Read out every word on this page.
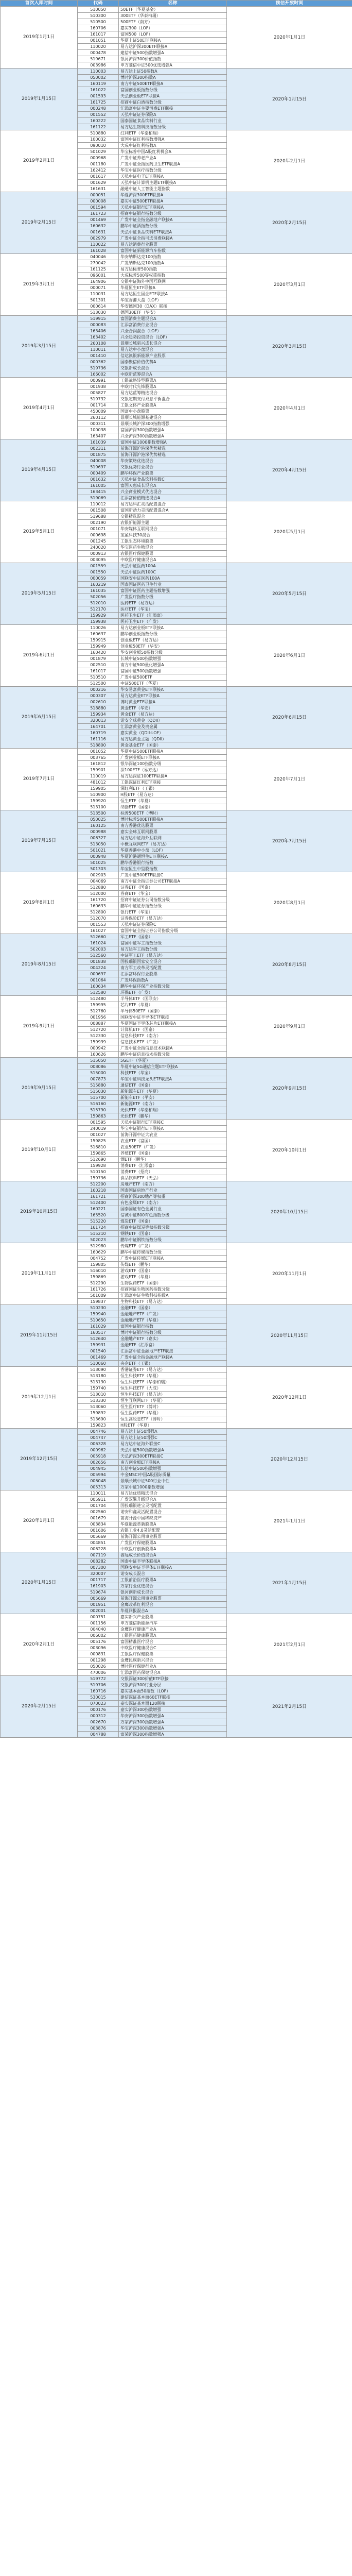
首次入库时间	代码	名称	预估开放时间
2019年1月1日	510050	50ETF（华夏基金）	2020年1月1日
	510300	300ETF（华泰柏瑞）	
	510500	500ETF（南方）	
	160706	嘉实300（LOF）	
	161017	富国500（LOF）	
	001051	华夏上证50ETF联接A	
	110020	易方达沪深300ETF联接A	
	000478	建信中证500指数增强A	
	519671	银河沪深300价值指数	
	003986	申万菱信中证500优选增强A	
2019年1月15日	110003	易方达上证50指数A	2020年1月15日
	050002	博时沪深300指数A	
	160119	南方中证500ETF联接A	
	161022	富国创业板指数分级	
	001593	天弘创业板ETF联接A	
	161725	招商中证白酒指数分级	
	000248	汇添富中证主要消费ETF联接	
	001552	天弘中证证券保险A	
	160222	国泰国证食品饮料行业	
	161122	易方达生物科技指数分级	
2019年2月1日	510880	红利ETF（华泰柏瑞）	2020年2月1日
	100032	富国中证红利指数增强A	
	090010	大成中证红利指数A	
	501029	华宝标普中国A股红利机会A	
	000968	广发中证养老产业A	
	001180	广发中证全指医药卫生ETF联接A	
	162412	华宝中证医疗指数分级	
	001617	天弘中证电子ETF联接A	
	001629	天弘中证计算机主题ETF联接A	
	161631	融通中证人工智能主题指数	
2019年2月15日	000051	华夏沪深300ETF联接A	2020年2月15日
	000008	嘉实中证500ETF联接A	
	001594	天弘中证银行ETF联接A	
	161723	招商中证银行指数分级	
	001469	广发中证全指金融地产联接A	
	160632	鹏华中证酒指数分级	
	001631	天弘中证食品饮料ETF联接A	
	002979	广发中证全指可选消费联接A	
	110022	易方达消费行业股票	
	161028	富国中证新能源汽车指数	
2019年3月1日	040046	华安纳斯达克100指数	2020年3月1日
	270042	广发纳斯达克100指数A	
	161125	易方达标普500指数	
	096001	大成标普500等权重指数	
	164906	交银中证海外中国互联网	
	000071	华夏恒生ETF联接A	
	110031	易方达恒生国企ETF联接A	
	501301	华宝香港大盘（LOF）	
	000614	华安德国30（DAX）联接	
	513030	德国30ETF（华安）	
2019年3月15日	519915	富国消费主题混合A	2020年3月15日
	000083	汇添富消费行业混合	
	163406	兴全合润混合（LOF）	
	163402	兴全趋势投资混合（LOF）	
	260108	景顺长城新兴成长混合	
	110011	易方达中小盘混合	
	001410	信达澳银新能源产业股票	
	000362	国泰聚信价值优势A	
	519736	交银新成长混合	
	166002	中欧新蓝筹混合A	
2019年4月1日	000991	工银战略转型股票A	2020年4月1日
	001938	中欧时代先锋股票A	
	005827	易方达蓝筹精选混合	
	519732	交银定期支付双息平衡混合	
	001714	工银文体产业股票A	
	450009	国富中小盘股票	
	260112	景顺长城能源基建混合	
	000311	景顺长城沪深300指数增强	
	100038	富国沪深300指数增强A	
	163407	兴全沪深300指数增强A	
2019年4月15日	161039	富国中证1000指数增强A	2020年4月15日
	002311	前海开源沪港深优势精选	
	001875	前海开源沪港深优势精选	
	040008	华安策略优选混合	
	519697	交银优势行业混合	
	000409	鹏华环保产业股票	
	001632	天弘中证食品饮料指数C	
	161005	富国天惠成长混合A	
	163415	兴全商业模式优选混合	
	519069	汇添富价值精选混合A	
2019年5月1日	110012	易方达科汇灵活配置混合	2020年5月1日
	001508	富国新动力灵活配置混合A	
	519688	交银精选混合	
	002190	农银新能源主题	
	001071	华安媒体互联网混合	
	000698	宝盈科技30混合	
	001245	工银生态环境股票	
	240020	华宝医药生物混合	
	000913	农银医疗保健股票	
	003095	中欧医疗健康混合A	
2019年5月15日	001559	天弘中证医药100A	2020年5月15日
	001550	天弘中证医药100C	
	000059	国联安中证医药100A	
	160219	国泰国证医药卫生行业	
	161035	富国中证医药主题指数增强	
	502056	广发医疗指数分级	
	512010	医药ETF（易方达）	
	512170	医疗ETF（华宝）	
	159929	医药卫生ETF（汇添富）	
	159938	医药卫生ETF（广发）	
2019年6月1日	110026	易方达创业板ETF联接A	2020年6月1日
	160637	鹏华创业板指数分级	
	159915	创业板ETF（易方达）	
	159949	创业板50ETF（华安）	
	160420	华安创业板50指数分级	
	001879	长城中证500指数增强	
	002510	南方中证500量化增强A	
	161017	富国中证500指数增强	
	510510	广发中证500ETF	
	512500	中证500ETF（华夏）	
2019年6月15日	000216	华安易富黄金ETF联接A	2020年6月15日
	000307	易方达黄金ETF联接A	
	002610	博时黄金ETF联接A	
	518880	黄金ETF（华安）	
	159934	黄金ETF（易方达）	
	320013	诺安全球黄金（QDII）	
	164701	汇添富黄金及贵金属	
	160719	嘉实黄金（QDII-LOF）	
	161116	易方达黄金主题（QDII）	
	518800	黄金基金ETF（国泰）	
2019年7月1日	001052	华夏中证500ETF联接A	2020年7月1日
	003765	广发创业板ETF联接A	
	161812	银华深证100指数分级	
	159901	深100ETF（易方达）	
	110019	易方达深证100ETF联接A	
	481012	工银深证红利ETF联接	
	159905	深红利ETF（工银）	
	510900	H股ETF（易方达）	
	159920	恒生ETF（华夏）	
	513100	纳指ETF（国泰）	
2019年7月15日	513500	标普500ETF（博时）	2020年7月15日
	050025	博时标普500ETF联接A	
	160125	南方香港优选股票	
	000988	嘉实全球互联网股票	
	006327	易方达中证海外互联网	
	513050	中概互联网ETF（易方达）	
	501021	华夏香港中小盘（LOF）	
	000948	华夏沪港通恒生ETF联接A	
	501025	鹏华香港银行指数	
	501303	华宝恒生中型股指数	
2019年8月1日	002903	广发中证500ETF联接C	2020年8月1日
	004069	南方中证全指证券公司ETF联接A	
	512880	证券ETF（国泰）	
	512000	券商ETF（华宝）	
	161720	招商中证证券公司指数分级	
	160633	鹏华中证证券指数分级	
	512800	银行ETF（华宝）	
	512070	证券保险ETF（易方达）	
	001553	天弘中证证券保险C	
	161027	富国中证全指证券公司指数分级	
2019年8月15日	512660	军工ETF（国泰）	2020年8月15日
	161024	富国中证军工指数分级	
	502003	易方达军工指数分级	
	512560	中证军工ETF（易方达）	
	001838	国投瑞银国家安全混合	
	004224	南方军工改革灵活配置	
	000697	汇添富环保行业股票	
	001064	广发环保指数A	
	160634	鹏华中证环保产业指数分级	
	512580	环保ETF（广发）	
2019年9月1日	512480	半导体ETF（国联安）	2020年9月1日
	159995	芯片ETF（华夏）	
	512760	半导体50ETF（国泰）	
	001956	国联安中证半导体ETF联接	
	008887	华夏国证半导体芯片ETF联接A	
	512720	计算机ETF（国泰）	
	512330	信息科技ETF（南方）	
	159939	信息技术ETF（广发）	
	000942	广发中证全指信息技术联接A	
	160626	鹏华中证信息技术指数分级	
2019年9月15日	515050	5GETF（华夏）	2020年9月15日
	008086	华夏中证5G通信主题ETF联接A	
	515000	科技ETF（华宝）	
	007873	华宝中证科技龙头ETF联接A	
	515880	通信ETF（国泰）	
	515030	新能源车ETF（华夏）	
	515700	新能车ETF（平安）	
	516160	新能源ETF（南方）	
	515790	光伏ETF（华泰柏瑞）	
	159863	光伏ETF（鹏华）	
2019年10月1日	001595	天弘中证银行ETF联接C	2020年10月1日
	240019	华宝中证银行ETF联接A	
	001027	前海开源中证大农业	
	159825	农业ETF（富国）	
	516810	农业50ETF（广发）	
	159865	养殖ETF（国泰）	
	512690	酒ETF（鹏华）	
	159928	消费ETF（汇添富）	
	510150	消费ETF（招商）	
	159736	食品饮料ETF（天弘）	
2019年10月15日	512200	房地产ETF（南方）	2020年10月15日
	160218	国泰国证房地产行业	
	161721	招商沪深300地产等权重	
	512400	有色金属ETF（南方）	
	160221	国泰国证有色金属行业	
	165520	信诚中证800有色指数分级	
	515220	煤炭ETF（国泰）	
	161724	招商中证煤炭等权指数分级	
	515210	钢铁ETF（国泰）	
	502023	鹏华中证钢铁指数分级	
2019年11月1日	512980	传媒ETF（广发）	2020年11月1日
	160629	鹏华中证传媒指数分级	
	004752	广发中证传媒ETF联接A	
	159805	传媒ETF（鹏华）	
	516010	游戏ETF（国泰）	
	159869	游戏ETF（华夏）	
	512290	生物医药ETF（国泰）	
	161726	招商国证生物医药指数分级	
	501009	汇添富中证生物科技指数A	
	159837	生物科技ETF（易方达）	
2019年11月15日	510230	金融ETF（国泰）	2020年11月15日
	159940	金融地产ETF（广发）	
	510650	金融地产ETF（华夏）	
	161029	富国中证银行指数	
	160517	博时中证银行指数分级	
	512640	金融地产ETF（嘉实）	
	159931	金融ETF（汇添富）	
	001540	汇添富中证金融地产ETF联接	
	001469	广发中证全指金融地产联接A	
	510060	央企ETF（工银）	
2019年12月1日	513090	香港证券ETF（易方达）	2020年12月1日
	513180	恒生科技ETF（华夏）	
	513130	恒生科技ETF（华泰柏瑞）	
	159740	恒生科技ETF（大成）	
	513010	恒生科技ETF（易方达）	
	513330	恒生互联网ETF（华夏）	
	513060	恒生医疗ETF（博时）	
	159892	恒生医药ETF（华夏）	
	513690	恒生高股息ETF（博时）	
	159823	H股ETF（华夏）	
2019年12月15日	004746	易方达上证50增强A	2020年12月15日
	004747	易方达上证50增强C	
	006328	易方达中证海外联接C	
	000962	天弘中证500指数增强A	
	005918	天弘沪深300ETF联接C	
	002656	南方创业板ETF联接A	
	004945	长信中证500指数增强	
	005994	中金MSCI中国A股国际质量	
	006048	景顺长城中证500行业中性	
	005313	万家中证1000指数增强	
2020年1月1日	110011	易方达优质精选混合	2021年1月1日
	005911	广发双擎升级混合A	
	001704	国投瑞银进宝灵活配置	
	002560	诺安和鑫灵活配置混合	
	001679	前海开源中国稀缺资产	
	003834	华夏能源革新股票A	
	001606	农银工业4.0灵活配置	
	005669	前海开源公用事业股票	
	004851	广发医疗保健股票A	
	006228	中欧医疗创新股票A	
2020年1月15日	007119	睿远成长价值混合A	2021年1月15日
	008282	国泰中证半导体联接A	
	007300	国联安中证半导体ETF联接A	
	320007	诺安成长混合	
	001717	工银前沿医疗股票A	
	161903	万家行业优选混合	
	519674	银河创新成长混合	
	005669	前海开源公用事业股票	
	001951	金鹰改革红利混合	
	002001	华夏回报混合A	
2020年2月1日	000751	嘉实新兴产业股票	2021年2月1日
	001156	申万菱信新能源汽车	
	004040	金鹰医疗健康产业A	
	006002	工银医药健康股票A	
	005176	富国精准医疗混合	
	003096	中欧医疗健康混合C	
	000831	工银医疗保健股票	
	001298	金鹰民族新兴混合	
	050026	博时医疗保健行业A	
	470006	汇添富医药保健混合A	
2020年2月15日	519772	交银深证300价值ETF联接	2021年2月15日
	519706	交银沪深300行业分层	
	160716	嘉实基本面50指数（LOF）	
	530015	建信深证基本面60ETF联接	
	070023	嘉实深证基本面120联接	
	000176	嘉实沪深300指数增强	
	000312	华安沪深300指数增强A	
	002670	万家沪深300指数增强A	
	003876	华宝沪深300指数增强A	
	004788	富荣沪深300指数增强A	
